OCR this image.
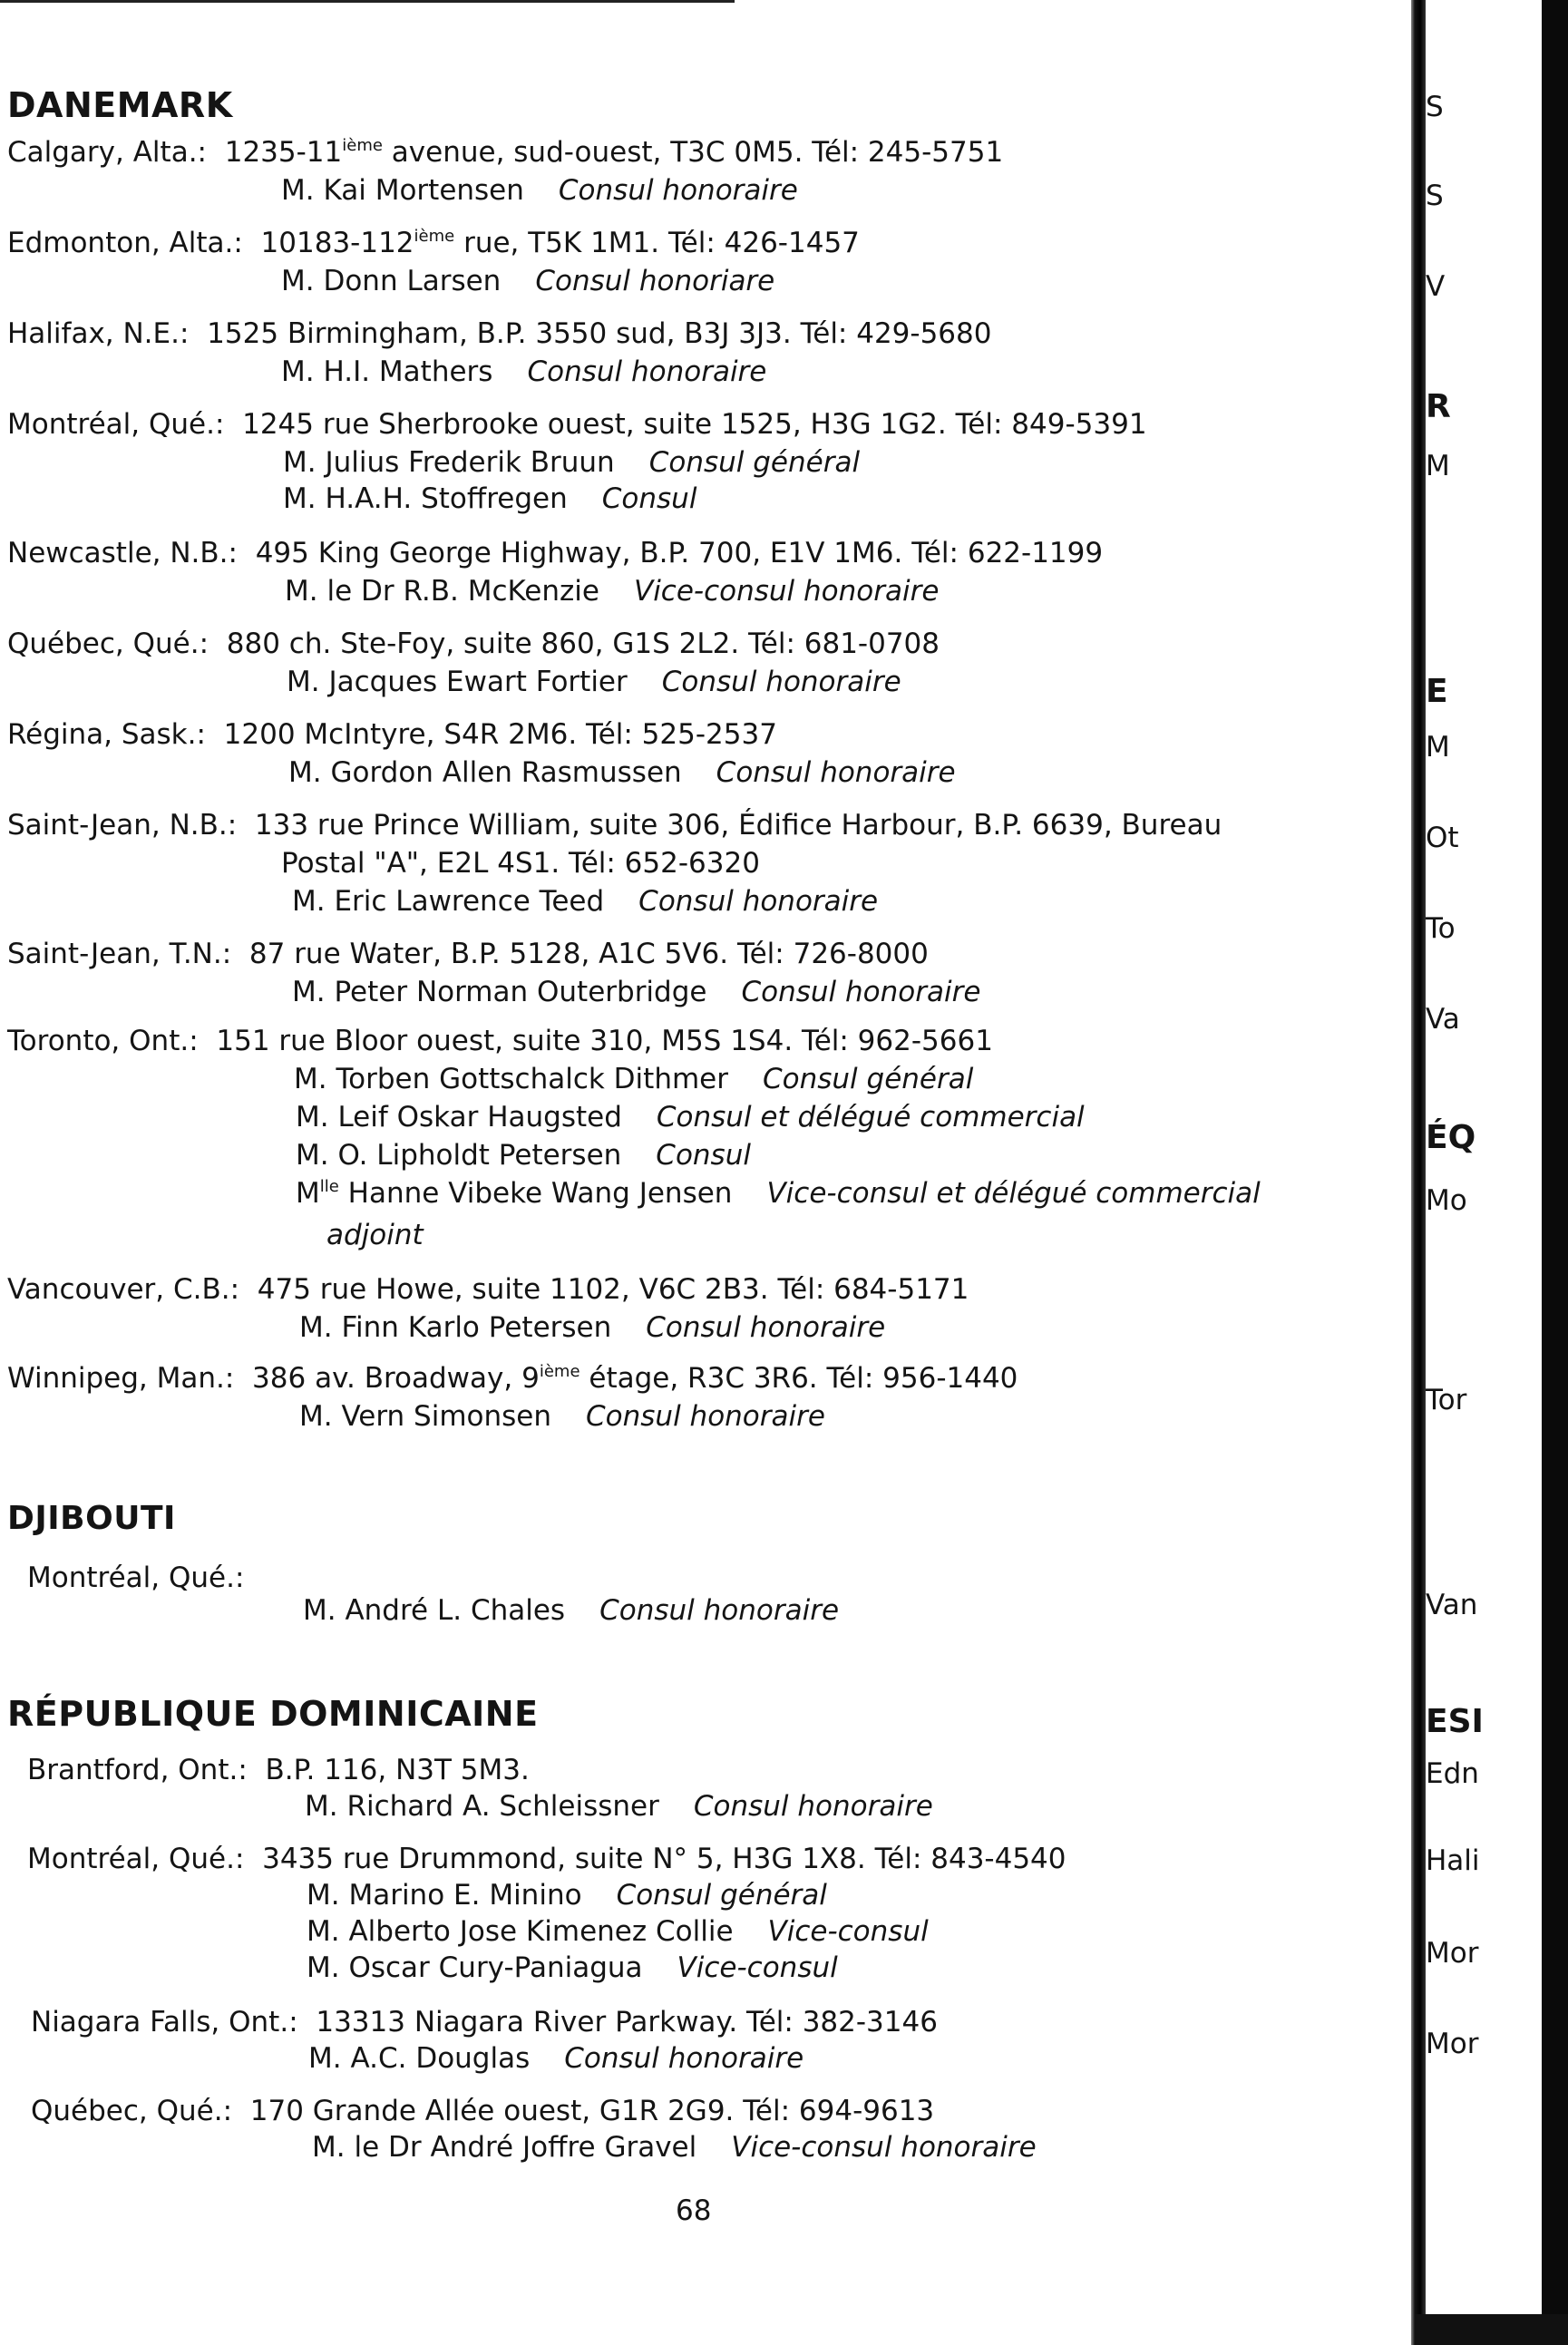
DANEMARK
Calgary, Alta.: 1235-11ième avenue, sud-ouest, T3C 0M5. Tél: 245-5751
M. Kai Mortensen Consul honoraire
Edmonton, Alta.: 10183-112ième rue, T5K 1M1. Tél: 426-1457
M. Donn Larsen Consul honoriare
Halifax, N.E.: 1525 Birmingham, B.P. 3550 sud, B3J 3J3. Tél: 429-5680
M. H.I. Mathers Consul honoraire
Montréal, Qué.: 1245 rue Sherbrooke ouest, suite 1525, H3G 1G2. Tél: 849-5391
M. Julius Frederik Bruun Consul général
M. H.A.H. Stoffregen Consul
Newcastle, N.B.: 495 King George Highway, B.P. 700, E1V 1M6. Tél: 622-1199
M. le Dr R.B. McKenzie Vice-consul honoraire
Québec, Qué.: 880 ch. Ste-Foy, suite 860, G1S 2L2. Tél: 681-0708
M. Jacques Ewart Fortier Consul honoraire
Régina, Sask.: 1200 McIntyre, S4R 2M6. Tél: 525-2537
M. Gordon Allen Rasmussen Consul honoraire
Saint-Jean, N.B.: 133 rue Prince William, suite 306, Édifice Harbour, B.P. 6639, Bureau
Postal "A", E2L 4S1. Tél: 652-6320
M. Eric Lawrence Teed Consul honoraire
Saint-Jean, T.N.: 87 rue Water, B.P. 5128, A1C 5V6. Tél: 726-8000
M. Peter Norman Outerbridge Consul honoraire
Toronto, Ont.: 151 rue Bloor ouest, suite 310, M5S 1S4. Tél: 962-5661
M. Torben Gottschalck Dithmer Consul général
M. Leif Oskar Haugsted Consul et délégué commercial
M. O. Lipholdt Petersen Consul
$M^{lle}$ Hanne Vibeke Wang Jensen Vice-consul et délégué commercial
adjoint
Vancouver, C.B.: 475 rue Howe, suite 1102, V6C 2B3. Tél: 684-5171
M. Finn Karlo Petersen Consul honoraire
Winnipeg, Man.: 386 av. Broadway, 9ième étage, R3C 3R6. Tél: 956-1440
M. Vern Simonsen Consul honoraire
DJIBOUTI
Montréal, Qué.:
M. André L. Chales Consul honoraire
RÉPUBLIQUE DOMINICAINE
Brantford, Ont.: B.P. 116, N3T 5M3.
M. Richard A. Schleissner Consul honoraire
Montréal, Qué.: 3435 rue Drummond, suite N° 5, H3G 1X8. Tél: 843-4540
M. Marino E. Minino Consul général
M. Alberto Jose Kimenez Collie Vice-consul
M. Oscar Cury-Paniagua Vice-consul
Niagara Falls, Ont.: 13313 Niagara River Parkway. Tél: 382-3146
M. A.C. Douglas Consul honoraire
Québec, Qué.: 170 Grande Allée ouest, G1R 2G9. Tél: 694-9613
M. le Dr André Joffre Gravel Vice-consul honoraire
68
S
S
V
R
M
E
M
Ot
To
Va
ÉQ
Mo
Tor
Van
ESI
Edn
Hali
Mor
Mor
